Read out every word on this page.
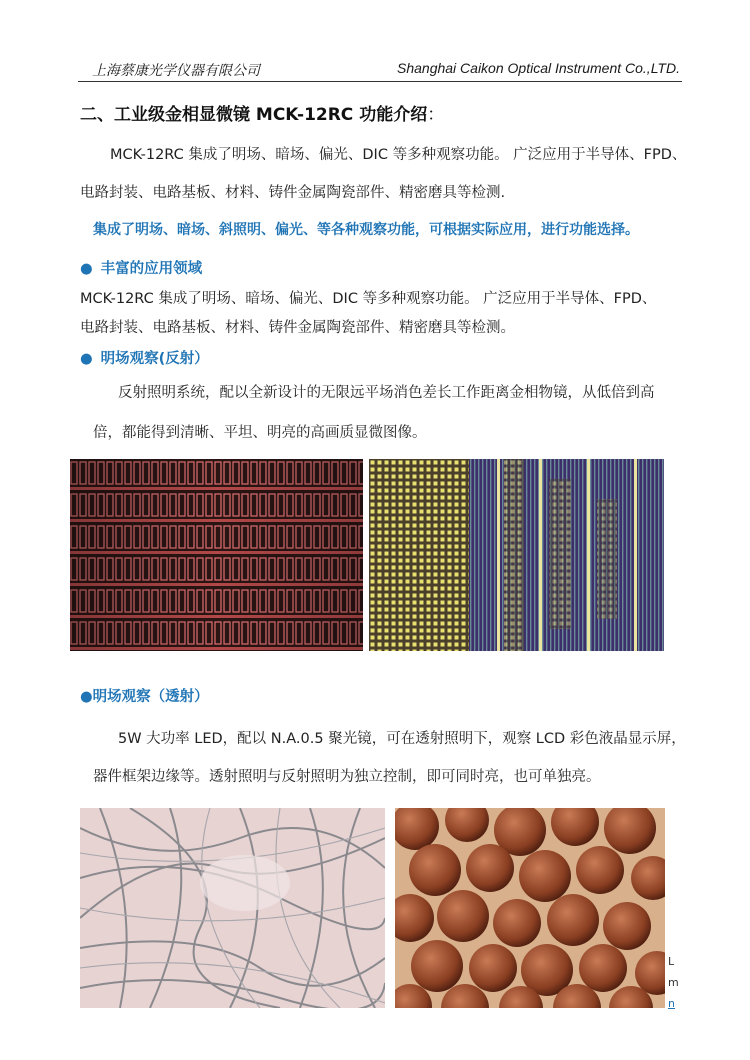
上海蔡康光学仪器有限公司	Shanghai Caikon Optical Instrument Co.,LTD.
二、工业级金相显微镜 MCK-12RC 功能介绍：
MCK-12RC 集成了明场、暗场、偏光、DIC 等多种观察功能。 广泛应用于半导体、FPD、
电路封装、电路基板、材料、铸件金属陶瓷部件、精密磨具等检测.
集成了明场、暗场、斜照明、偏光、等各种观察功能，可根据实际应用，进行功能选择。
● 丰富的应用领域
MCK-12RC 集成了明场、暗场、偏光、DIC 等多种观察功能。 广泛应用于半导体、FPD、
电路封装、电路基板、材料、铸件金属陶瓷部件、精密磨具等检测。
● 明场观察(反射）
反射照明系统，配以全新设计的无限远平场消色差长工作距离金相物镜，从低倍到高
倍，都能得到清晰、平坦、明亮的高画质显微图像。
●明场观察（透射）
5W 大功率 LED，配以 N.A.0.5 聚光镜，可在透射照明下，观察 LCD 彩色液晶显示屏，
器件框架边缘等。透射照明与反射照明为独立控制，即可同时亮，也可单独亮。
L
m
n
